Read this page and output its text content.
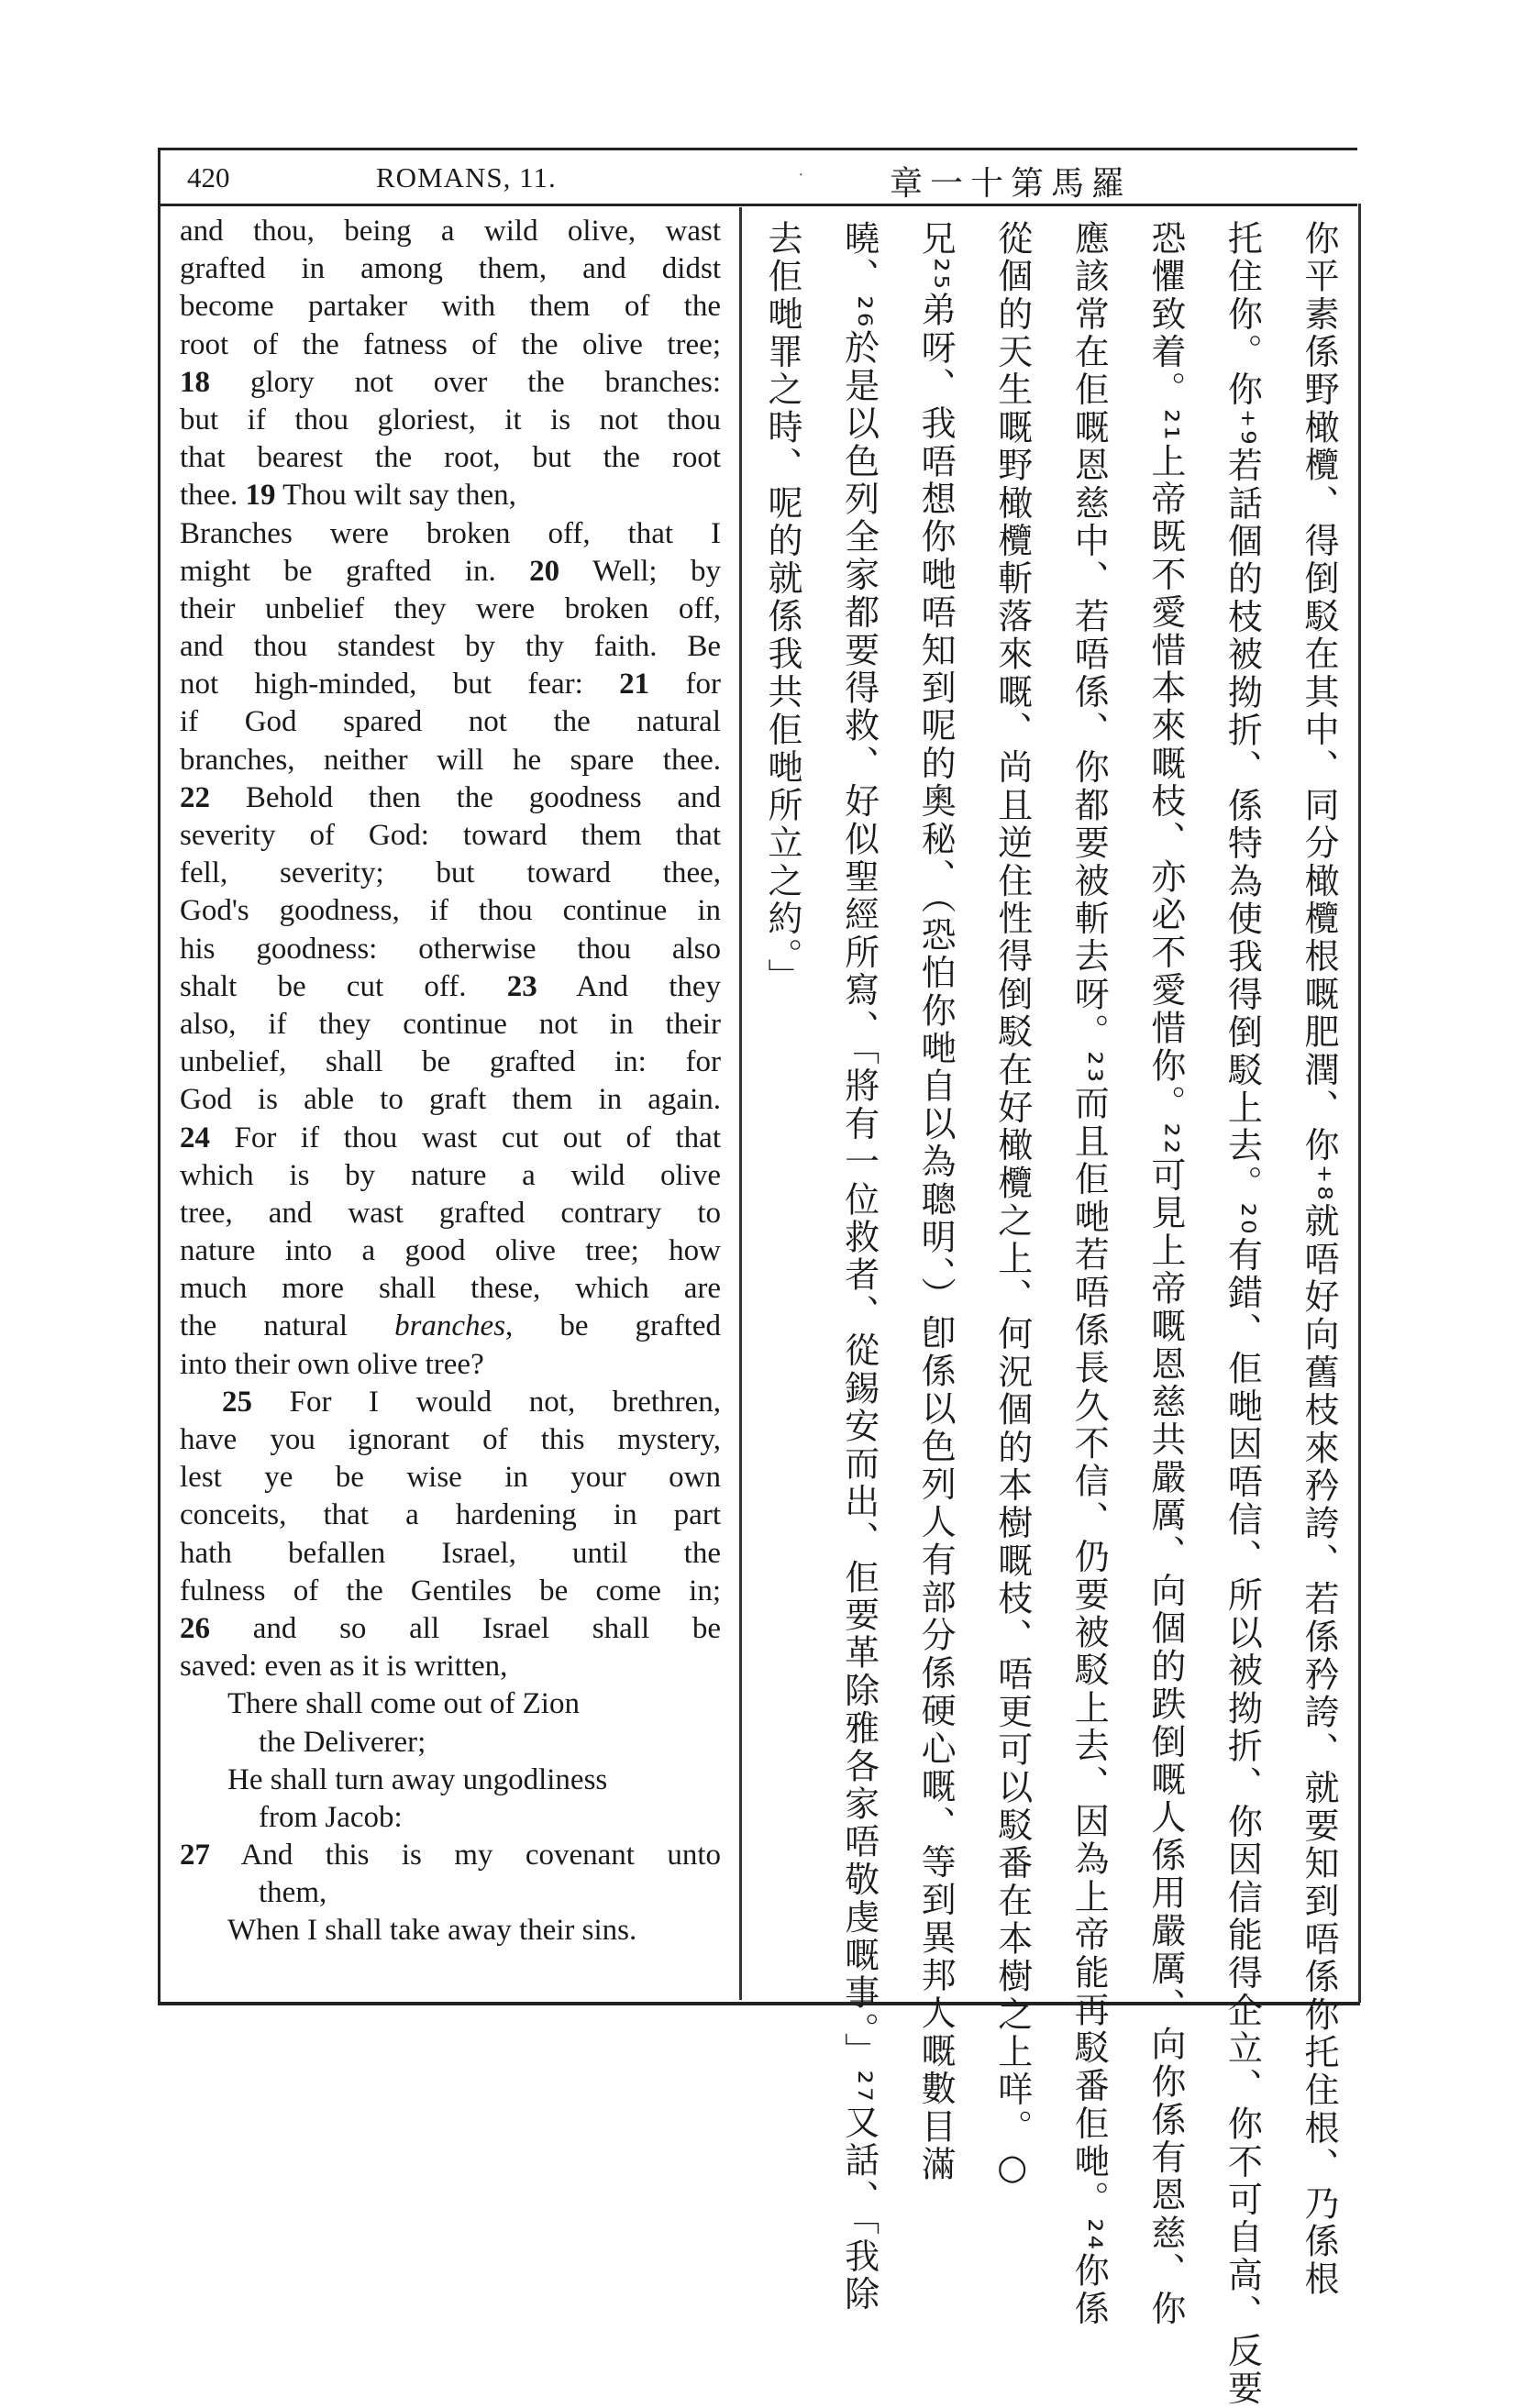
420	ROMANS, 11.	·	章一十第馬羅
and thou, being a wild olive, wast
grafted in among them, and didst
become partaker with them of the
root of the fatness of the olive tree;
18 glory not over the branches:
but if thou gloriest, it is not thou
that bearest the root, but the root
thee. 19 Thou wilt say then,
Branches were broken off, that I
might be grafted in. 20 Well; by
their unbelief they were broken off,
and thou standest by thy faith. Be
not high-minded, but fear: 21 for
if God spared not the natural
branches, neither will he spare thee.
22 Behold then the goodness and
severity of God: toward them that
fell, severity; but toward thee,
God's goodness, if thou continue in
his goodness: otherwise thou also
shalt be cut off. 23 And they
also, if they continue not in their
unbelief, shall be grafted in: for
God is able to graft them in again.
24 For if thou wast cut out of that
which is by nature a wild olive
tree, and wast grafted contrary to
nature into a good olive tree; how
much more shall these, which are
the natural branches, be grafted
into their own olive tree?
25 For I would not, brethren,
have you ignorant of this mystery,
lest ye be wise in your own
conceits, that a hardening in part
hath befallen Israel, until the
fulness of the Gentiles be come in;
26 and so all Israel shall be
saved: even as it is written,
There shall come out of Zion
the Deliverer;
He shall turn away ungodliness
from Jacob:
27 And this is my covenant unto
them,
When I shall take away their sins.	你平素係野橄欖、得倒駁在其中、同分橄欖根嘅肥潤、你⁺⁸就唔好向舊枝來矜誇、若係矜誇、就要知到唔係你托住根、乃係根
托住你。你⁺⁹若話個的枝被拗折、係特為使我得倒駁上去。²⁰有錯、佢哋因唔信、所以被拗折、你因信能得企立、你不可自高、反要
恐懼致着。²¹上帝既不愛惜本來嘅枝、亦必不愛惜你。²²可見上帝嘅恩慈共嚴厲、向個的跌倒嘅人係用嚴厲、向你係有恩慈、你
應該常在佢嘅恩慈中、若唔係、你都要被斬去呀。²³而且佢哋若唔係長久不信、仍要被駁上去、因為上帝能再駁番佢哋。²⁴你係
從個的天生嘅野橄欖斬落來嘅、尚且逆住性得倒駁在好橄欖之上、何況個的本樹嘅枝、唔更可以駁番在本樹之上咩。○
兄²⁵弟呀、我唔想你哋唔知到呢的奧秘、（恐怕你哋自以為聰明、）卽係以色列人有部分係硬心嘅、等到異邦人嘅數目滿
曉、²⁶於是以色列全家都要得救、好似聖經所寫、「將有一位救者、從錫安而出、佢要革除雅各家唔敬虔嘅事。」²⁷又話、「我除
去佢哋罪之時、呢的就係我共佢哋所立之約。」
